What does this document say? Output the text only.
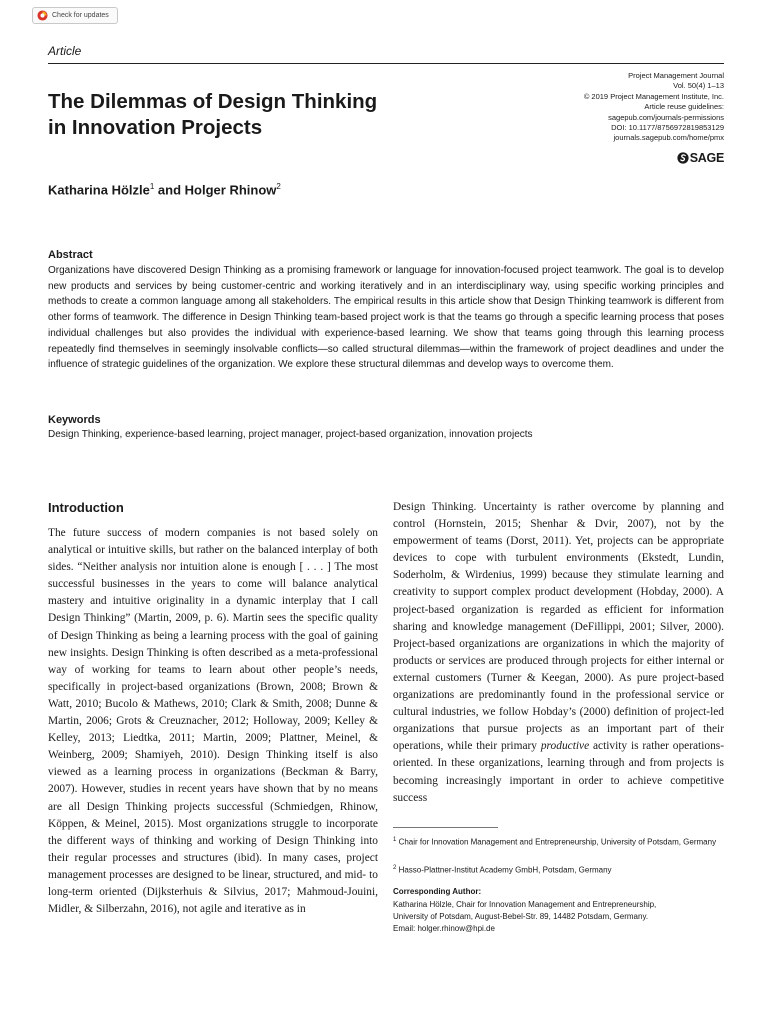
Check for updates
Article
Project Management Journal
Vol. 50(4) 1–13
© 2019 Project Management Institute, Inc.
Article reuse guidelines:
sagepub.com/journals-permissions
DOI: 10.1177/8756972819853129
journals.sagepub.com/home/pmx
SAGE
The Dilemmas of Design Thinking
in Innovation Projects
Katharina Hölzle$^1$ and Holger Rhinow$^2$
Abstract

Organizations have discovered Design Thinking as a promising framework or language for innovation-focused project teamwork. The goal is to develop new products and services by being customer-centric and working iteratively and in an interdisciplinary way, using specific working principles and methods to create a common language among all stakeholders. The empirical results in this article show that Design Thinking teamwork is different from other forms of teamwork. The difference in Design Thinking team-based project work is that the teams go through a specific learning process that poses individual challenges but also provides the individual with experience-based learning. We show that teams going through this learning process repeatedly find themselves in seemingly insolvable conflicts—so called structural dilemmas—within the framework of project deadlines and under the influence of strategic guidelines of the organization. We explore these structural dilemmas and develop ways to overcome them.

Keywords
Design Thinking, experience-based learning, project manager, project-based organization, innovation projects
Introduction

The future success of modern companies is not based solely on analytical or intuitive skills, but rather on the balanced interplay of both sides. “Neither analysis nor intuition alone is enough [ . . . ] The most successful businesses in the years to come will balance analytical mastery and intuitive originality in a dynamic interplay that I call Design Thinking” (Martin, 2009, p. 6). Martin sees the specific quality of Design Thinking as being a learning process with the goal of gaining new insights. Design Thinking is often described as a meta-professional way of working for teams to learn about other people’s needs, specifically in project-based organizations (Brown, 2008; Brown & Watt, 2010; Bucolo & Mathews, 2010; Clark & Smith, 2008; Dunne & Martin, 2006; Grots & Creuznacher, 2012; Holloway, 2009; Kelley & Kelley, 2013; Liedtka, 2011; Martin, 2009; Plattner, Meinel, & Weinberg, 2009; Shamiyeh, 2010). Design Thinking itself is also viewed as a learning process in organizations (Beckman & Barry, 2007). However, studies in recent years have shown that by no means are all Design Thinking projects successful (Schmiedgen, Rhinow, Köppen, & Meinel, 2015). Most organizations struggle to incorporate the different ways of thinking and working of Design Thinking into their regular processes and structures (ibid). In many cases, project management processes are designed to be linear, structured, and mid- to long-term oriented (Dijksterhuis & Silvius, 2017; Mahmoud-Jouini, Midler, & Silberzahn, 2016), not agile and iterative as in

Design Thinking. Uncertainty is rather overcome by planning and control (Hornstein, 2015; Shenhar & Dvir, 2007), not by the empowerment of teams (Dorst, 2011). Yet, projects can be appropriate devices to cope with turbulent environments (Ekstedt, Lundin, Soderholm, & Wirdenius, 1999) because they stimulate learning and creativity to support complex product development (Hobday, 2000). A project-based organization is regarded as efficient for information sharing and knowledge management (DeFillippi, 2001; Silver, 2000). Project-based organizations are organizations in which the majority of products or services are produced through projects for either internal or external customers (Turner & Keegan, 2000). As pure project-based organizations are predominantly found in the professional service or cultural industries, we follow Hobday’s (2000) definition of project-led organizations that pursue projects as an important part of their operations, while their primary productive activity is rather operations-oriented. In these organizations, learning through and from projects is becoming increasingly important in order to achieve competitive success

$^1$ Chair for Innovation Management and Entrepreneurship, University of Potsdam, Germany
$^2$ Hasso-Plattner-Institut Academy GmbH, Potsdam, Germany
Corresponding Author:
Katharina Hölzle, Chair for Innovation Management and Entrepreneurship,
University of Potsdam, August-Bebel-Str. 89, 14482 Potsdam, Germany.
Email: holger.rhinow@hpi.de
